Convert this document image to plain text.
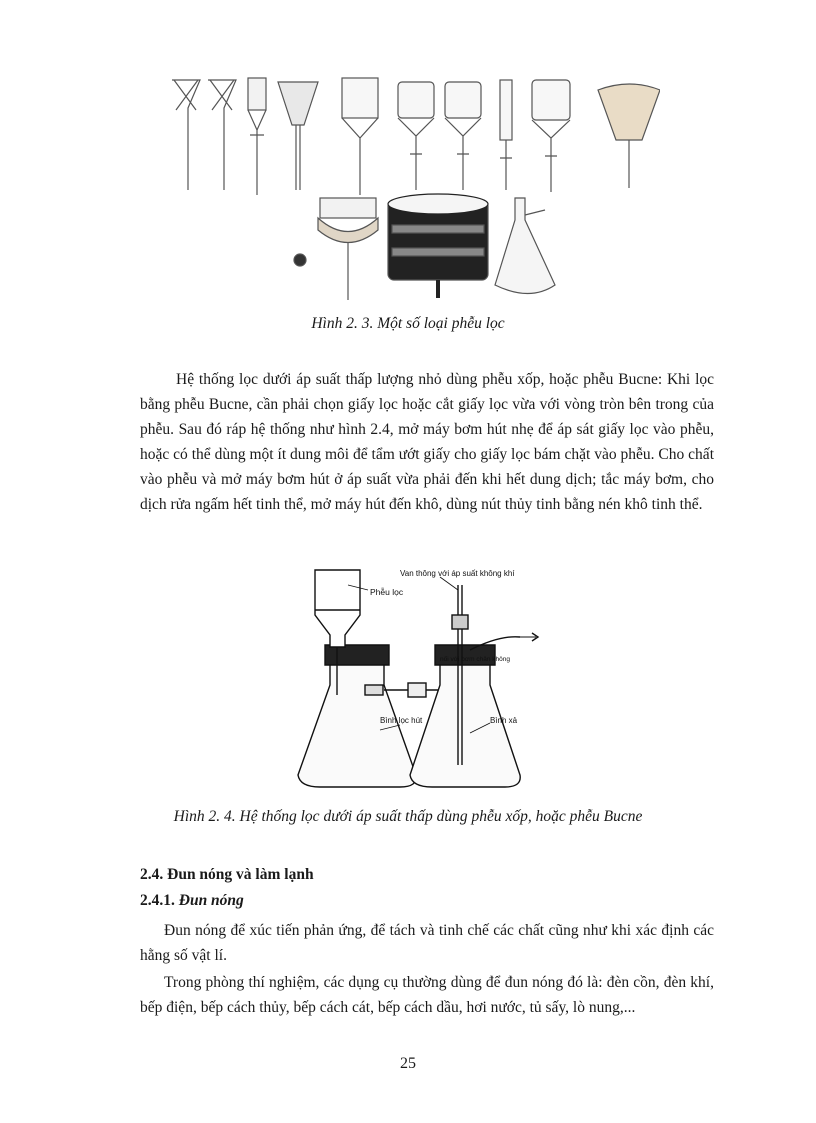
Hình 2. 3. Một số loại phễu lọc

Hệ thống lọc dưới áp suất thấp lượng nhỏ dùng phễu xốp, hoặc phễu Bucne: Khi lọc bằng phễu Bucne, cần phải chọn giấy lọc hoặc cắt giấy lọc vừa với vòng tròn bên trong của phễu. Sau đó ráp hệ thống như hình 2.4, mở máy bơm hút nhẹ để áp sát giấy lọc vào phễu, hoặc có thể dùng một ít dung môi để tẩm ướt giấy cho giấy lọc bám chặt vào phễu. Cho chất vào phễu và mở máy bơm hút ở áp suất vừa phải đến khi hết dung dịch; tắc máy bơm, cho dịch rửa ngấm hết tinh thể, mở máy hút đến khô, dùng nút thủy tinh bằng nén khô tinh thể.

Phễu lọc
Van thông với áp suất không khí
nối với bơm chân không
Bình lọc hút	Bình xả
Hình 2. 4. Hệ thống lọc dưới áp suất thấp dùng phễu xốp, hoặc phễu Bucne

2.4. Đun nóng và làm lạnh

2.4.1. Đun nóng

Đun nóng để xúc tiến phản ứng, để tách và tinh chế các chất cũng như khi xác định các hằng số vật lí.

Trong phòng thí nghiệm, các dụng cụ thường dùng để đun nóng đó là: đèn cồn, đèn khí, bếp điện, bếp cách thủy, bếp cách cát, bếp cách dầu, hơi nước, tủ sấy, lò nung,...

25
